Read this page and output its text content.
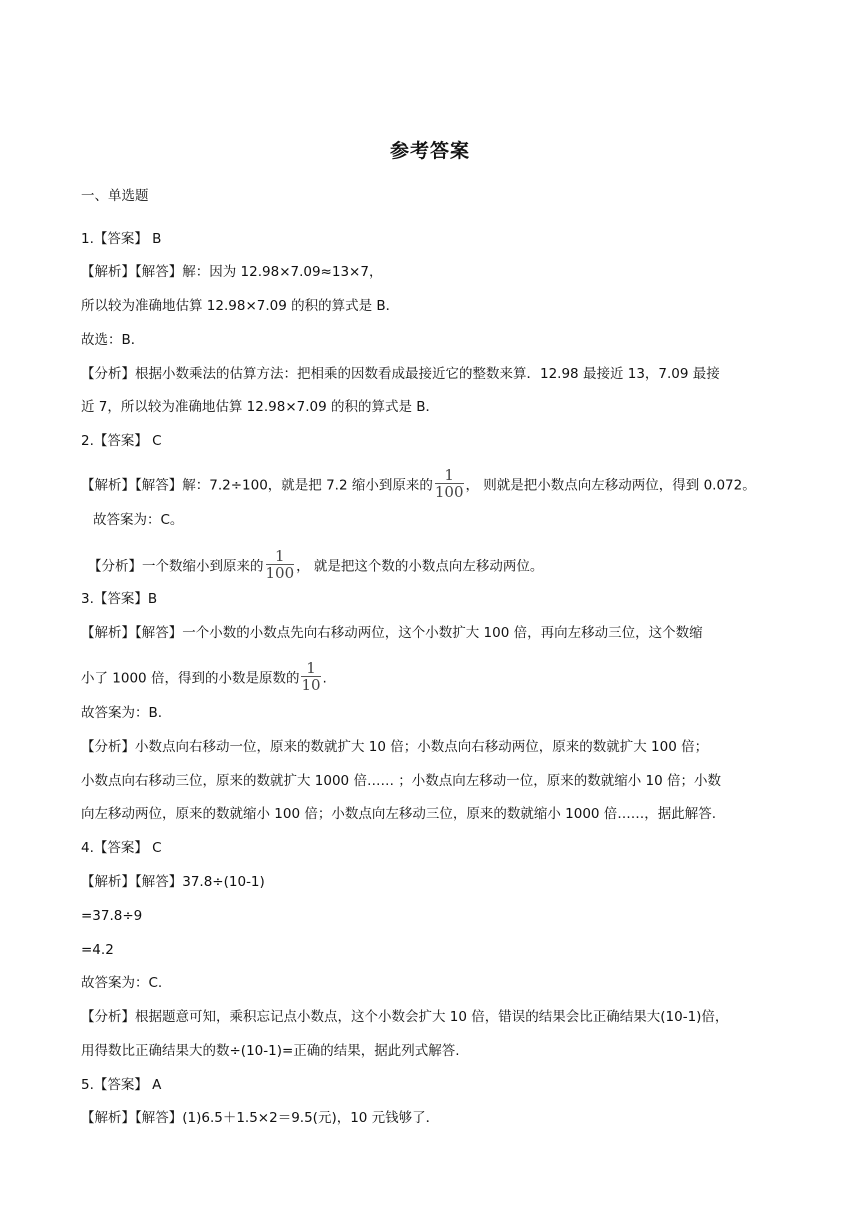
参考答案
一、单选题
1.【答案】 B
【解析】【解答】解：因为 12.98×7.09≈13×7，
所以较为准确地估算 12.98×7.09 的积的算式是 B．
故选：B．
【分析】根据小数乘法的估算方法：把相乘的因数看成最接近它的整数来算．12.98 最接近 13，7.09 最接
近 7，所以较为准确地估算 12.98×7.09 的积的算式是 B．
2.【答案】 C
【解析】【解答】解：7.2÷100，就是把 7.2 缩小到原来的 $\frac{1}{100}$ ， 则就是把小数点向左移动两位，得到 0.072。
故答案为：C。
【分析】一个数缩小到原来的 $\frac{1}{100}$ ， 就是把这个数的小数点向左移动两位。
3.【答案】B
【解析】【解答】一个小数的小数点先向右移动两位，这个小数扩大 100 倍，再向左移动三位，这个数缩
小了 1000 倍，得到的小数是原数的 $\frac{1}{10}$ .
故答案为：B.
【分析】小数点向右移动一位，原来的数就扩大 10 倍；小数点向右移动两位，原来的数就扩大 100 倍；
小数点向右移动三位，原来的数就扩大 1000 倍…… ；小数点向左移动一位，原来的数就缩小 10 倍；小数
向左移动两位，原来的数就缩小 100 倍；小数点向左移动三位，原来的数就缩小 1000 倍……，据此解答.
4.【答案】 C
【解析】【解答】37.8÷(10-1)
=37.8÷9
=4.2
故答案为：C.
【分析】根据题意可知，乘积忘记点小数点，这个小数会扩大 10 倍，错误的结果会比正确结果大(10-1)倍，
用得数比正确结果大的数÷(10-1)=正确的结果，据此列式解答.
5.【答案】 A
【解析】【解答】(1)6.5＋1.5×2＝9.5(元)，10 元钱够了．
